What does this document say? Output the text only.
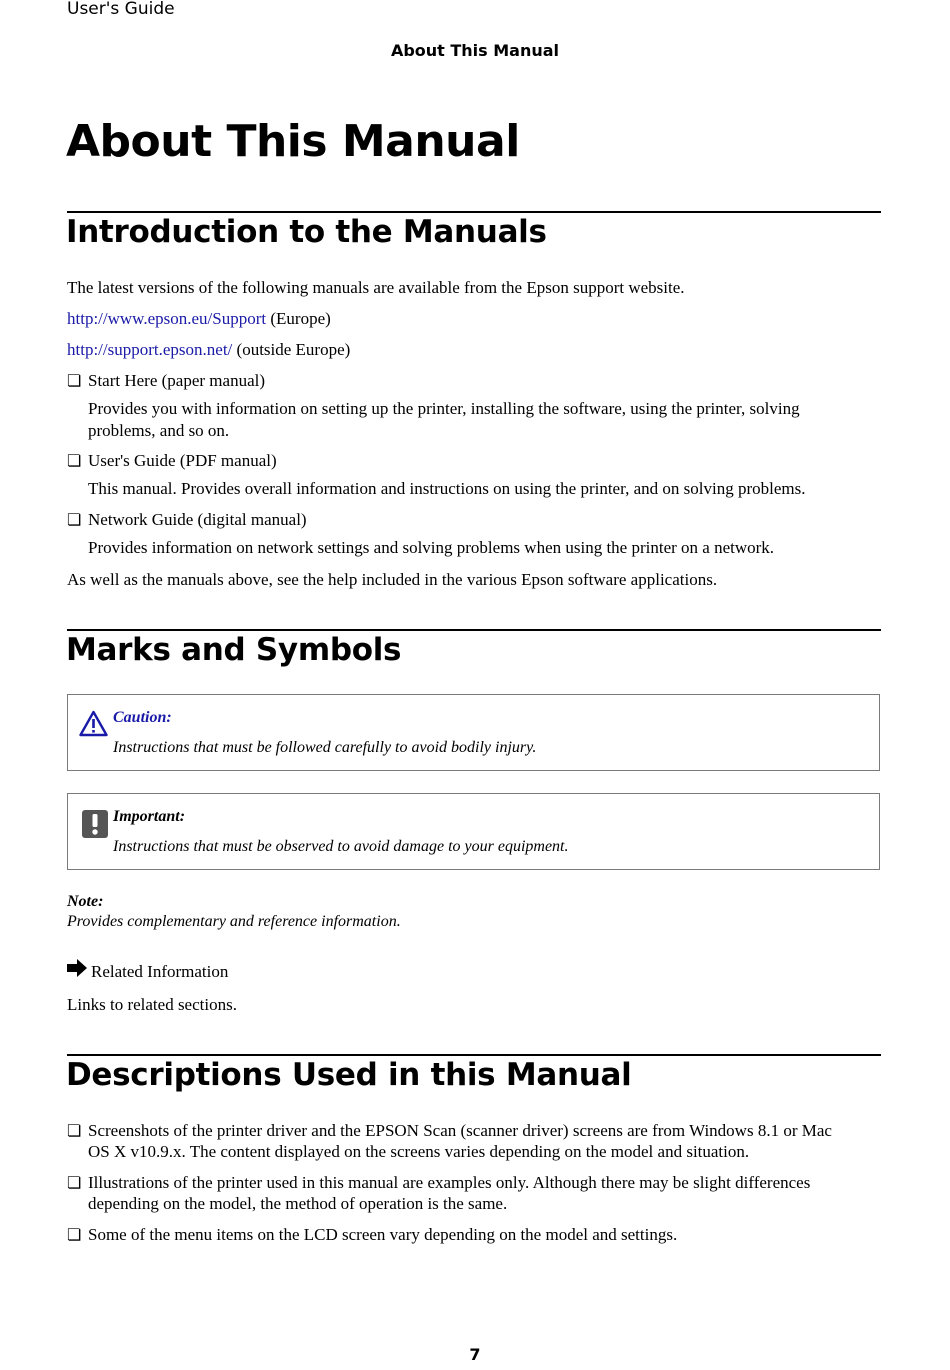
User's Guide
About This Manual
About This Manual
Introduction to the Manuals
The latest versions of the following manuals are available from the Epson support website.
http://www.epson.eu/Support (Europe)
http://support.epson.net/ (outside Europe)
❏ Start Here (paper manual)
Provides you with information on setting up the printer, installing the software, using the printer, solving
problems, and so on.
❏ User's Guide (PDF manual)
This manual. Provides overall information and instructions on using the printer, and on solving problems.
❏ Network Guide (digital manual)
Provides information on network settings and solving problems when using the printer on a network.
As well as the manuals above, see the help included in the various Epson software applications.
Marks and Symbols
Caution:
Instructions that must be followed carefully to avoid bodily injury.
Important:
Instructions that must be observed to avoid damage to your equipment.
Note:
Provides complementary and reference information.
Related Information
Links to related sections.
Descriptions Used in this Manual
❏ Screenshots of the printer driver and the EPSON Scan (scanner driver) screens are from Windows 8.1 or Mac
OS X v10.9.x. The content displayed on the screens varies depending on the model and situation.
❏ Illustrations of the printer used in this manual are examples only. Although there may be slight differences
depending on the model, the method of operation is the same.
❏ Some of the menu items on the LCD screen vary depending on the model and settings.
7
